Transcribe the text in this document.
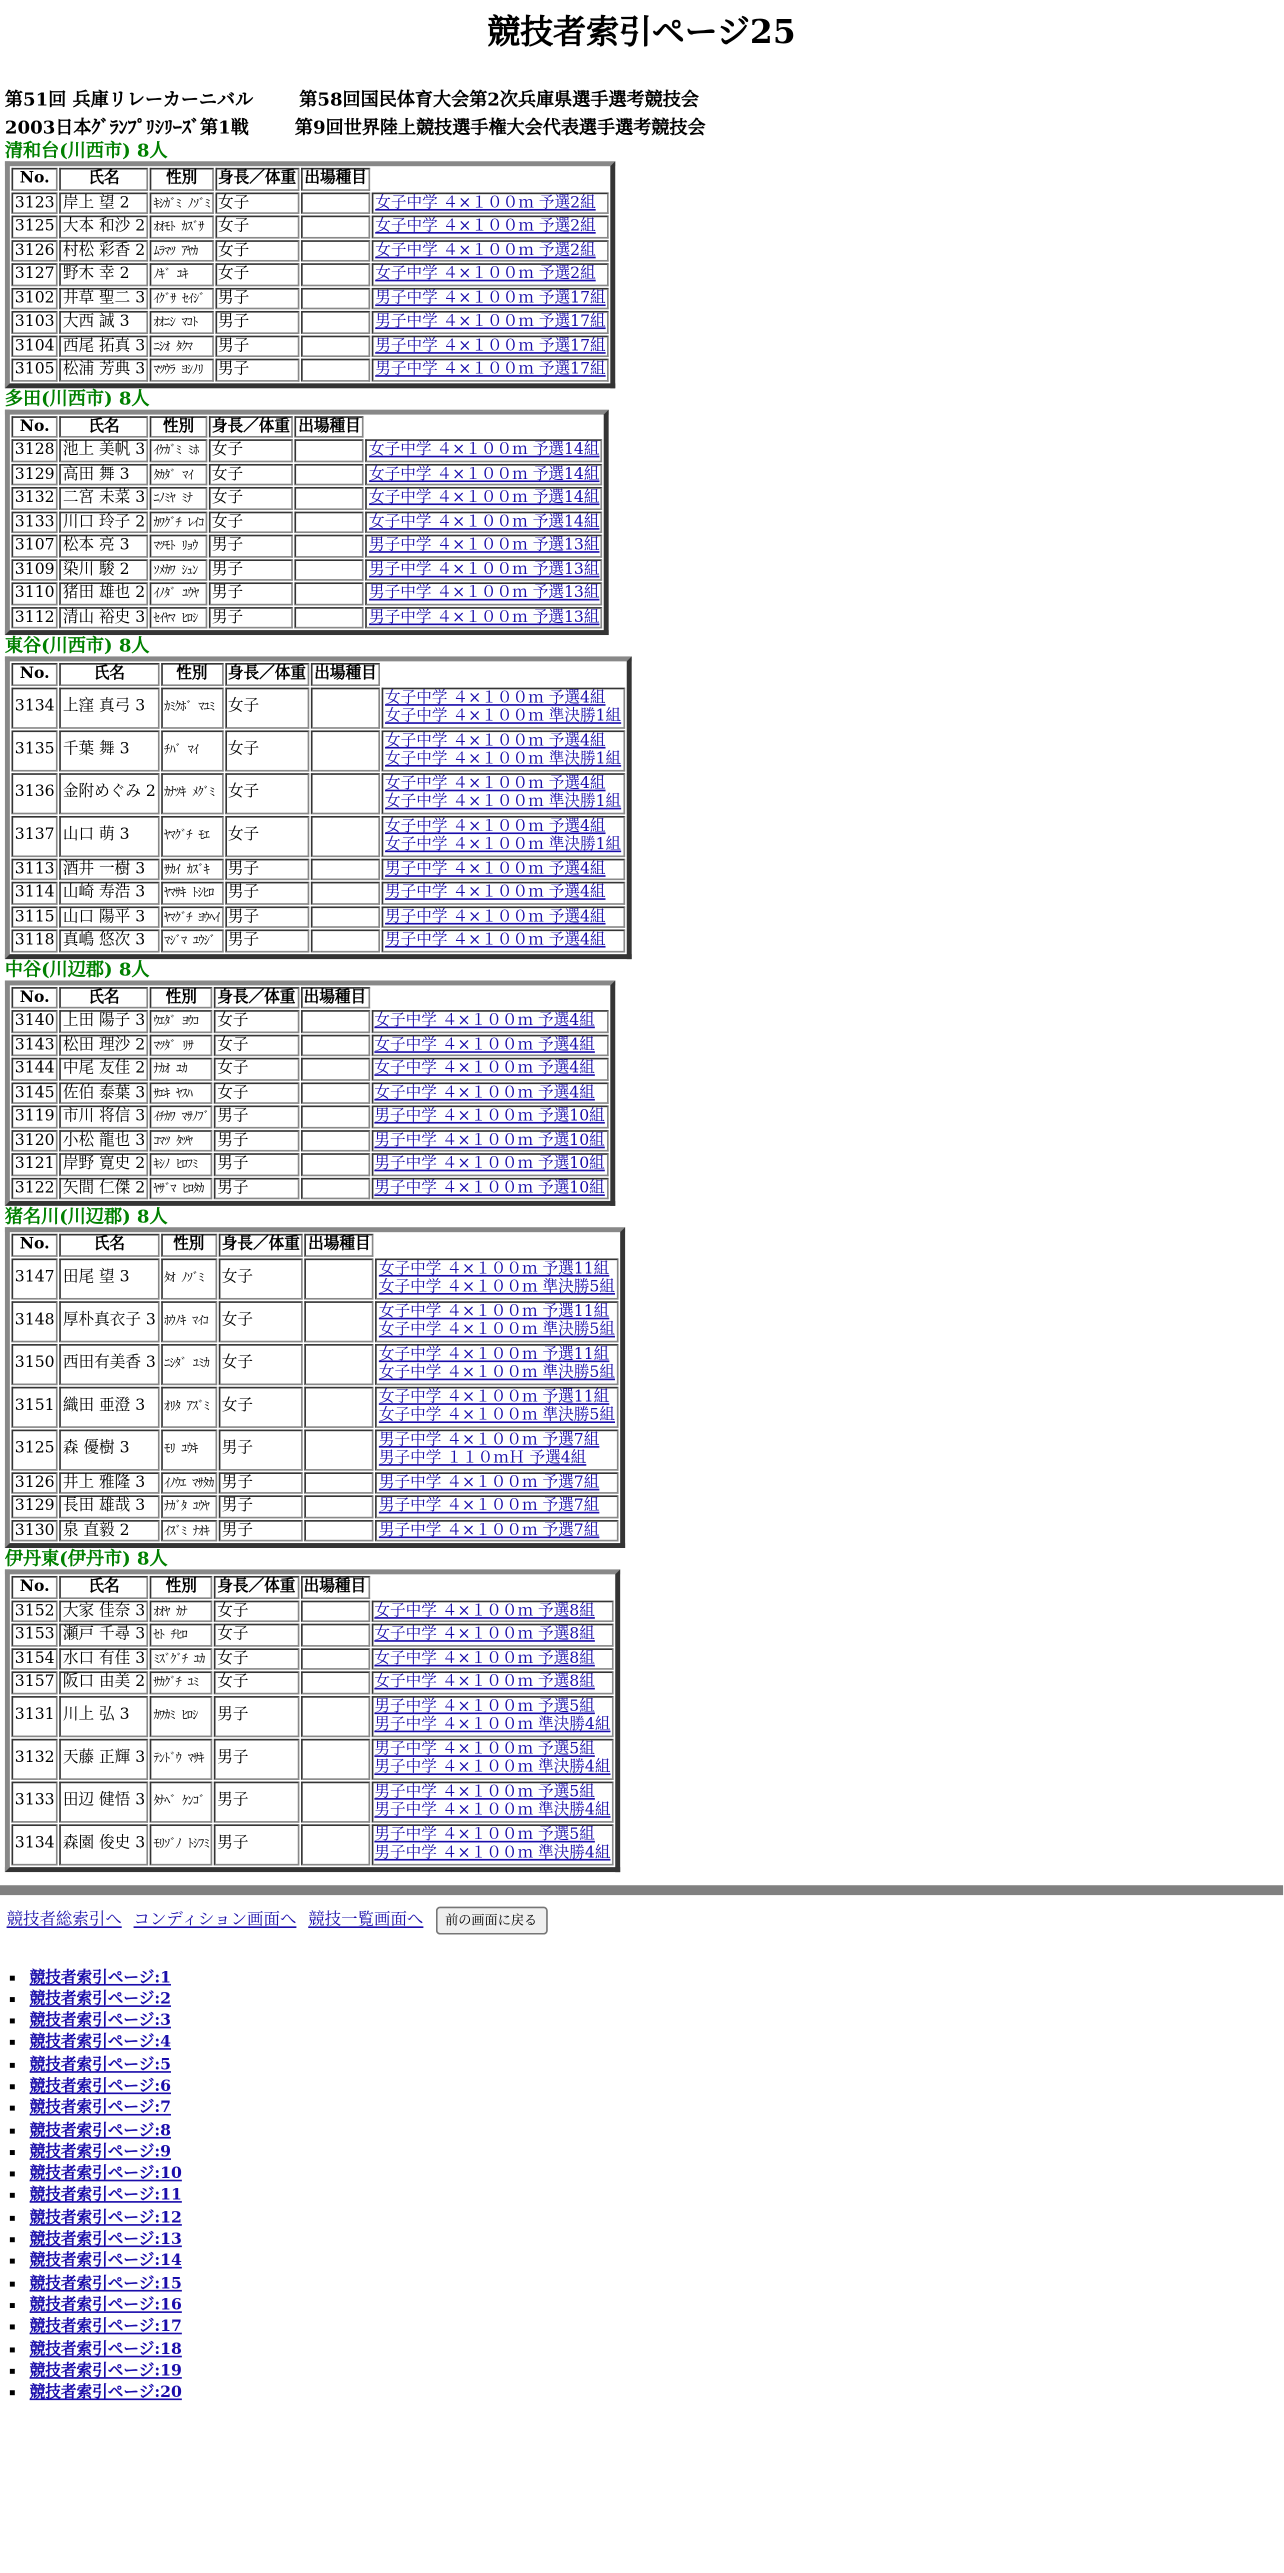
競技者索引ページ25
第51回 兵庫リレーカーニバル	第58回国民体育大会第2次兵庫県選手選考競技会
2003日本ｸﾞﾗﾝﾌﾟﾘｼﾘｰｽﾞ第1戦	第9回世界陸上競技選手権大会代表選手選考競技会
清和台(川西市) 8人
No.	氏名	性別	身長／体重	出場種目	
3123	岸上 望 2	ｷｼｶﾞﾐ ﾉｿﾞﾐ	女子		女子中学 ４×１００ｍ 予選2組

3125	大本 和沙 2	ｵｵﾓﾄ ｶｽﾞｻ	女子		女子中学 ４×１００ｍ 予選2組

3126	村松 彩香 2	ﾑﾗﾏﾂ ｱﾔｶ	女子		女子中学 ４×１００ｍ 予選2組

3127	野木 幸 2	ﾉｷﾞ ﾕｷ	女子		女子中学 ４×１００ｍ 予選2組

3102	井草 聖二 3	ｲｸﾞｻ ｾｲｼﾞ	男子		男子中学 ４×１００ｍ 予選17組

3103	大西 誠 3	ｵｵﾆｼ ﾏｺﾄ	男子		男子中学 ４×１００ｍ 予選17組

3104	西尾 拓真 3	ﾆｼｵ ﾀｸﾏ	男子		男子中学 ４×１００ｍ 予選17組

3105	松浦 芳典 3	ﾏﾂｳﾗ ﾖｼﾉﾘ	男子		男子中学 ４×１００ｍ 予選17組
多田(川西市) 8人
No.	氏名	性別	身長／体重	出場種目	
3128	池上 美帆 3	ｲｹｶﾞﾐ ﾐﾎ	女子		女子中学 ４×１００ｍ 予選14組

3129	高田 舞 3	ﾀｶﾀﾞ ﾏｲ	女子		女子中学 ４×１００ｍ 予選14組

3132	二宮 未菜 3	ﾆﾉﾐﾔ ﾐﾅ	女子		女子中学 ４×１００ｍ 予選14組

3133	川口 玲子 2	ｶﾜｸﾞﾁ ﾚｲｺ	女子		女子中学 ４×１００ｍ 予選14組

3107	松本 亮 3	ﾏﾂﾓﾄ ﾘｮｳ	男子		男子中学 ４×１００ｍ 予選13組

3109	染川 駿 2	ｿﾒｶﾜ ｼｭﾝ	男子		男子中学 ４×１００ｍ 予選13組

3110	猪田 雄也 2	ｲﾉﾀﾞ ﾕｳﾔ	男子		男子中学 ４×１００ｍ 予選13組

3112	清山 裕史 3	ｾｲﾔﾏ ﾋﾛｼ	男子		男子中学 ４×１００ｍ 予選13組
東谷(川西市) 8人
No.	氏名	性別	身長／体重	出場種目	
3134	上窪 真弓 3	ｶﾐｸﾎﾞ ﾏﾕﾐ	女子		女子中学 ４×１００ｍ 予選4組
女子中学 ４×１００ｍ 準決勝1組

3135	千葉 舞 3	ﾁﾊﾞ ﾏｲ	女子		女子中学 ４×１００ｍ 予選4組
女子中学 ４×１００ｍ 準決勝1組

3136	金附めぐみ 2	ｶﾅﾂｷ ﾒｸﾞﾐ	女子		女子中学 ４×１００ｍ 予選4組
女子中学 ４×１００ｍ 準決勝1組

3137	山口 萌 3	ﾔﾏｸﾞﾁ ﾓｴ	女子		女子中学 ４×１００ｍ 予選4組
女子中学 ４×１００ｍ 準決勝1組

3113	酒井 一樹 3	ｻｶｲ ｶｽﾞｷ	男子		男子中学 ４×１００ｍ 予選4組

3114	山崎 寿浩 3	ﾔﾏｻｷ ﾄｼﾋﾛ	男子		男子中学 ４×１００ｍ 予選4組

3115	山口 陽平 3	ﾔﾏｸﾞﾁ ﾖｳﾍｲ	男子		男子中学 ４×１００ｍ 予選4組

3118	真嶋 悠次 3	ﾏｼﾞﾏ ﾕｳｼﾞ	男子		男子中学 ４×１００ｍ 予選4組
中谷(川辺郡) 8人
No.	氏名	性別	身長／体重	出場種目	
3140	上田 陽子 3	ｳｴﾀﾞ ﾖｳｺ	女子		女子中学 ４×１００ｍ 予選4組

3143	松田 理沙 2	ﾏﾂﾀﾞ ﾘｻ	女子		女子中学 ４×１００ｍ 予選4組

3144	中尾 友佳 2	ﾅｶｵ ﾕｶ	女子		女子中学 ４×１００ｍ 予選4組

3145	佐伯 泰葉 3	ｻｴｷ ﾔｽﾊ	女子		女子中学 ４×１００ｍ 予選4組

3119	市川 将信 3	ｲﾁｶﾜ ﾏｻﾉﾌﾞ	男子		男子中学 ４×１００ｍ 予選10組

3120	小松 龍也 3	ｺﾏﾂ ﾀﾂﾔ	男子		男子中学 ４×１００ｍ 予選10組

3121	岸野 寛史 2	ｷｼﾉ ﾋﾛﾌﾐ	男子		男子中学 ４×１００ｍ 予選10組

3122	矢間 仁傑 2	ﾔｻﾞﾏ ﾋﾛﾀｶ	男子		男子中学 ４×１００ｍ 予選10組
猪名川(川辺郡) 8人
No.	氏名	性別	身長／体重	出場種目	
3147	田尾 望 3	ﾀｵ ﾉｿﾞﾐ	女子		女子中学 ４×１００ｍ 予選11組
女子中学 ４×１００ｍ 準決勝5組

3148	厚朴真衣子 3	ﾎｳﾉｷ ﾏｲｺ	女子		女子中学 ４×１００ｍ 予選11組
女子中学 ４×１００ｍ 準決勝5組

3150	西田有美香 3	ﾆｼﾀﾞ ﾕﾐｶ	女子		女子中学 ４×１００ｍ 予選11組
女子中学 ４×１００ｍ 準決勝5組

3151	織田 亜澄 3	ｵﾘﾀ ｱｽﾞﾐ	女子		女子中学 ４×１００ｍ 予選11組
女子中学 ４×１００ｍ 準決勝5組

3125	森 優樹 3	ﾓﾘ ﾕｳｷ	男子		男子中学 ４×１００ｍ 予選7組
男子中学 １１０ｍＨ 予選4組

3126	井上 雅隆 3	ｲﾉｳｴ ﾏｻﾀｶ	男子		男子中学 ４×１００ｍ 予選7組

3129	長田 雄哉 3	ﾅｶﾞﾀ ﾕｳﾔ	男子		男子中学 ４×１００ｍ 予選7組

3130	泉 直毅 2	ｲｽﾞﾐ ﾅｵｷ	男子		男子中学 ４×１００ｍ 予選7組
伊丹東(伊丹市) 8人
No.	氏名	性別	身長／体重	出場種目	
3152	大家 佳奈 3	ｵｵﾔ ｶﾅ	女子		女子中学 ４×１００ｍ 予選8組

3153	瀬戸 千尋 3	ｾﾄ ﾁﾋﾛ	女子		女子中学 ４×１００ｍ 予選8組

3154	水口 有佳 3	ﾐｽﾞｸﾞﾁ ﾕｶ	女子		女子中学 ４×１００ｍ 予選8組

3157	阪口 由美 2	ｻｶｸﾞﾁ ﾕﾐ	女子		女子中学 ４×１００ｍ 予選8組

3131	川上 弘 3	ｶﾜｶﾐ ﾋﾛｼ	男子		男子中学 ４×１００ｍ 予選5組
男子中学 ４×１００ｍ 準決勝4組

3132	天藤 正輝 3	ﾃﾝﾄﾞｳ ﾏｻｷ	男子		男子中学 ４×１００ｍ 予選5組
男子中学 ４×１００ｍ 準決勝4組

3133	田辺 健悟 3	ﾀﾅﾍﾞ ｹﾝｺﾞ	男子		男子中学 ４×１００ｍ 予選5組
男子中学 ４×１００ｍ 準決勝4組

3134	森園 俊史 3	ﾓﾘｿﾞﾉ ﾄｼﾌﾐ	男子		男子中学 ４×１００ｍ 予選5組
男子中学 ４×１００ｍ 準決勝4組
競技者総索引へ コンディション画面へ 競技一覧画面へ	前の画面に戻る
▪ 競技者索引ページ:1
▪ 競技者索引ページ:2
▪ 競技者索引ページ:3
▪ 競技者索引ページ:4
▪ 競技者索引ページ:5
▪ 競技者索引ページ:6
▪ 競技者索引ページ:7
▪ 競技者索引ページ:8
▪ 競技者索引ページ:9
▪ 競技者索引ページ:10
▪ 競技者索引ページ:11
▪ 競技者索引ページ:12
▪ 競技者索引ページ:13
▪ 競技者索引ページ:14
▪ 競技者索引ページ:15
▪ 競技者索引ページ:16
▪ 競技者索引ページ:17
▪ 競技者索引ページ:18
▪ 競技者索引ページ:19
▪ 競技者索引ページ:20
